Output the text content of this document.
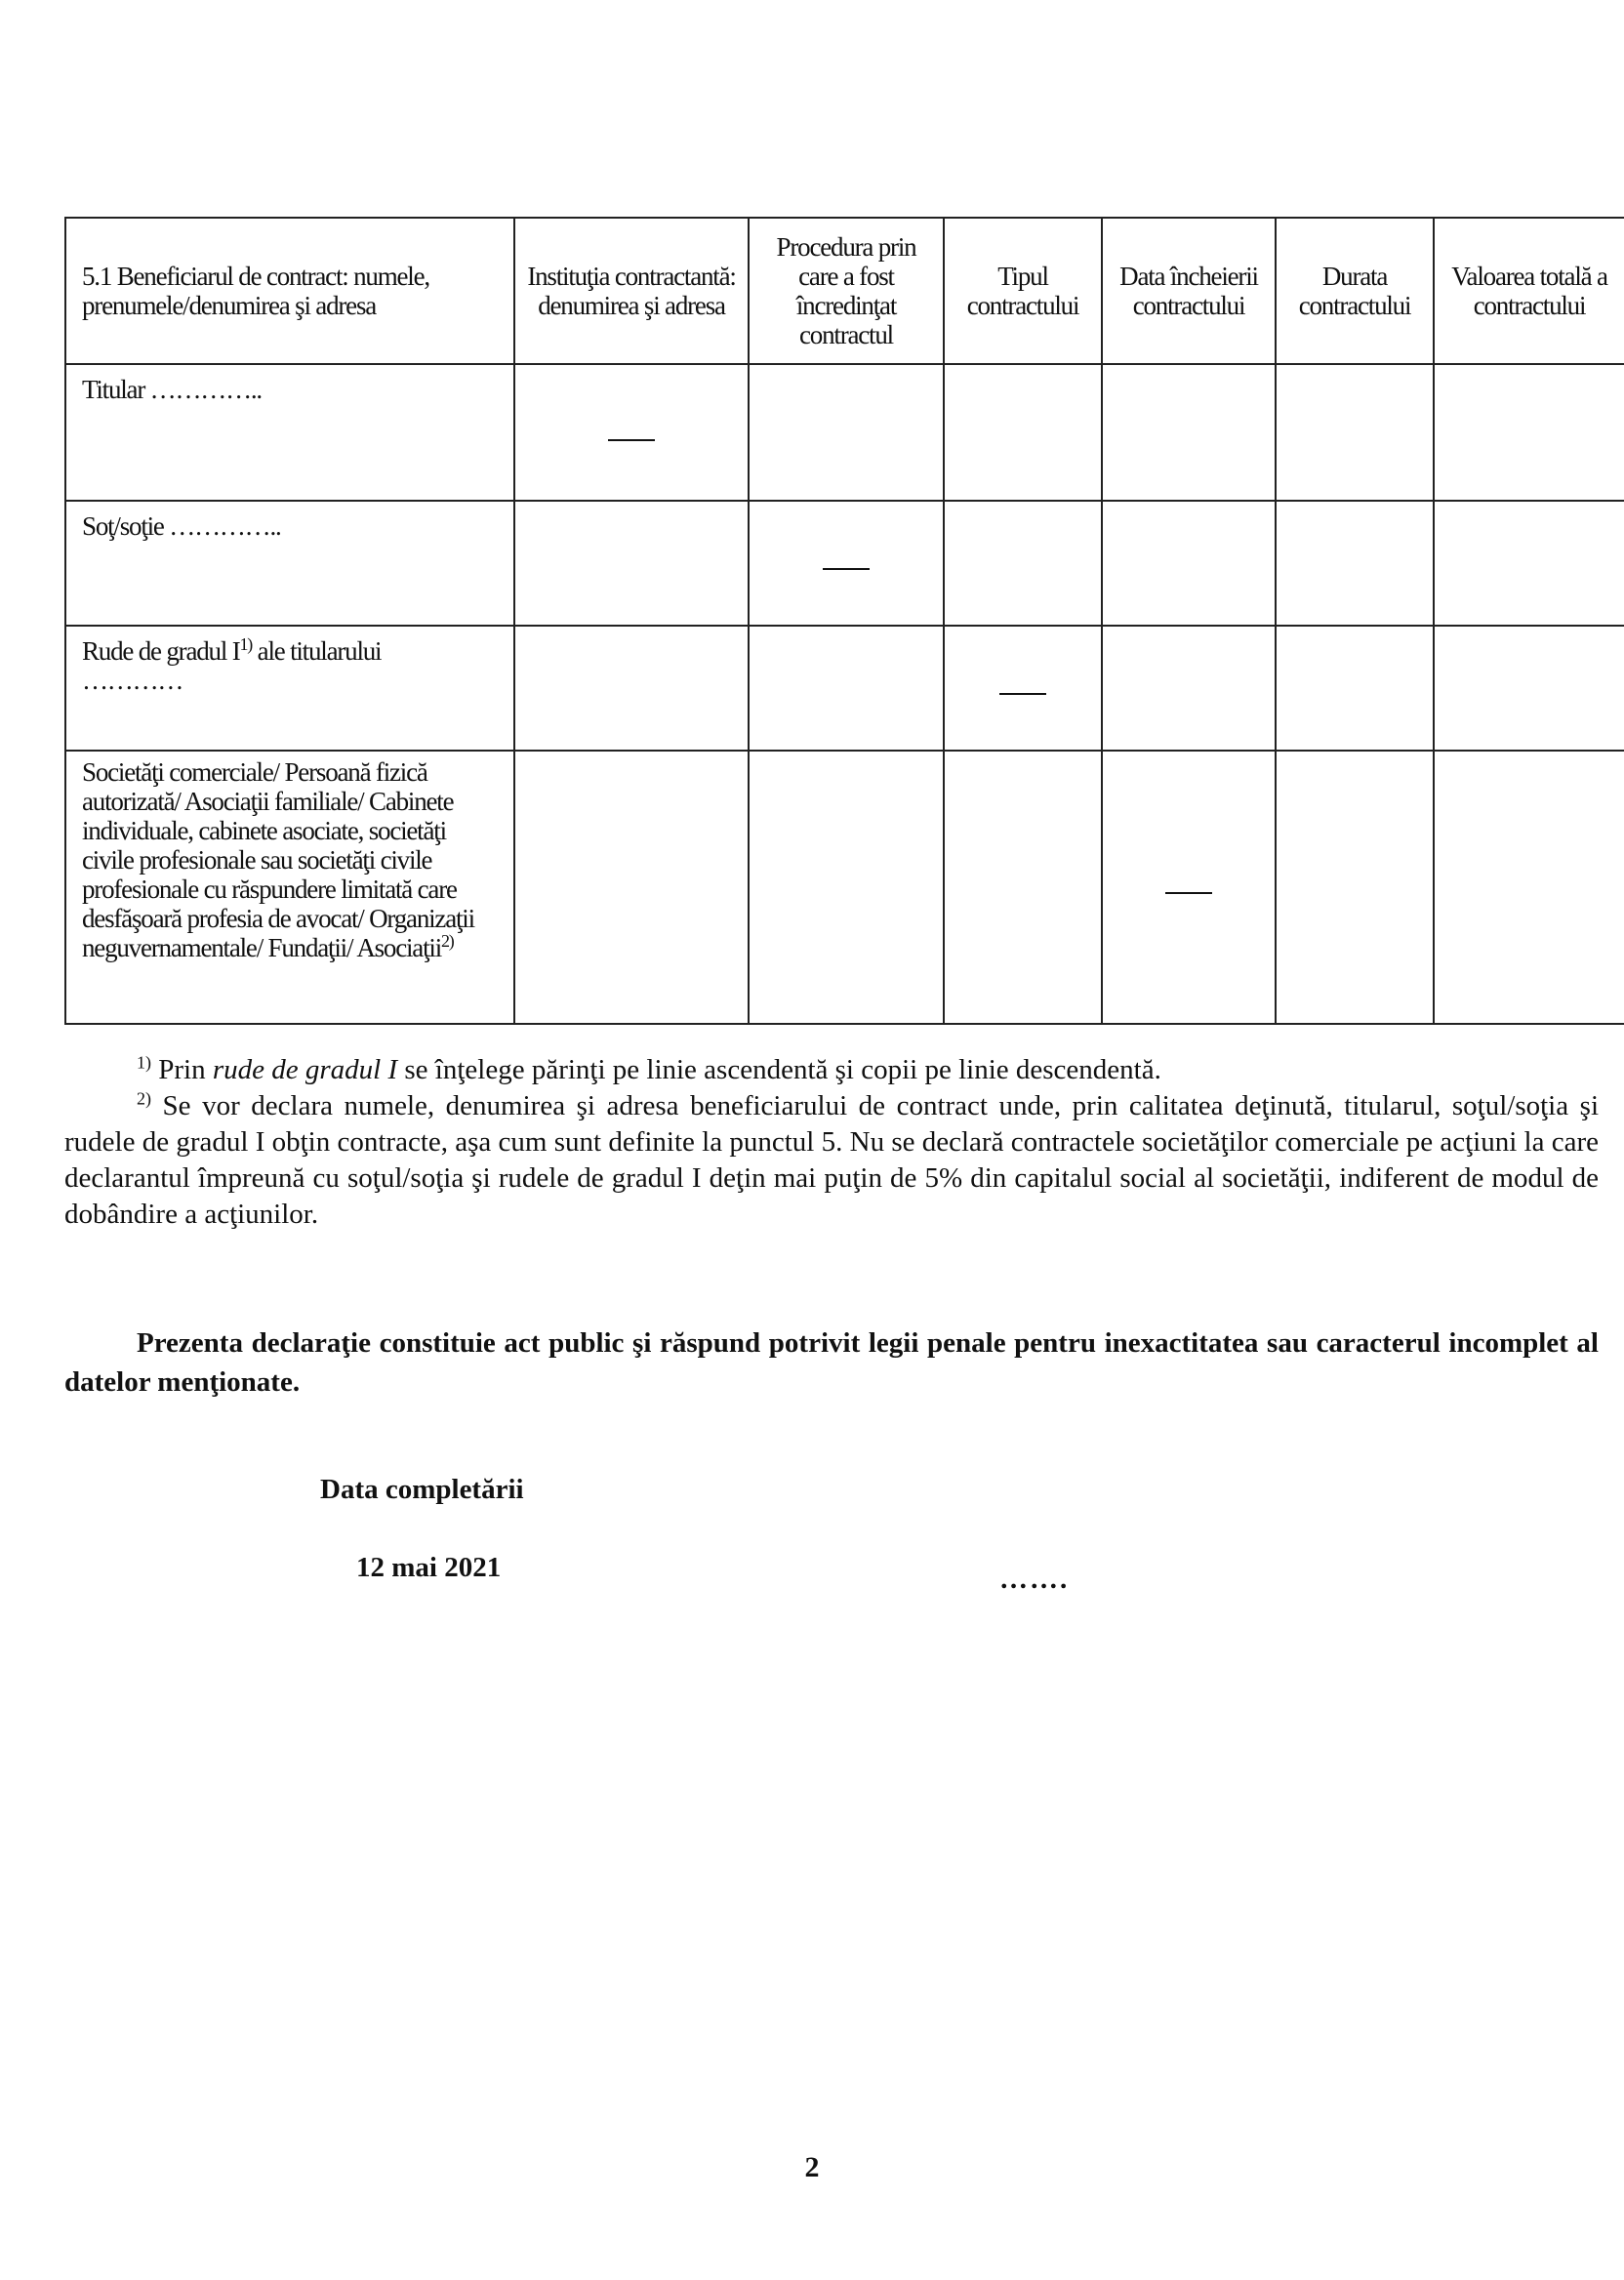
5.1 Beneficiarul de contract: numele, prenumele/denumirea şi adresa	Instituţia contractantă: denumirea şi adresa	Procedura prin care a fost încredinţat contractul	Tipul contractului	Data încheierii contractului	Durata contractului	Valoarea totală a contractului

Titular …………..						

Soţ/soţie …………..						

Rude de gradul $I^{1)}$ ale titularului
…………						

Societăţi comerciale/ Persoană fizică autorizată/ Asociaţii familiale/ Cabinete individuale, cabinete asociate, societăţi civile profesionale sau societăţi civile profesionale cu răspundere limitată care desfăşoară profesia de avocat/ Organizaţii neguvernamentale/ Fundaţii/ Asociaţii$^{2)}$

$^{1)}$ Prin rude de gradul I se înţelege părinţi pe linie ascendentă şi copii pe linie descendentă.

$^{2)}$ Se vor declara numele, denumirea şi adresa beneficiarului de contract unde, prin calitatea deţinută, titularul, soţul/soţia şi rudele de gradul I obţin contracte, aşa cum sunt definite la punctul 5. Nu se declară contractele societăţilor comerciale pe acţiuni la care declarantul împreună cu soţul/soţia şi rudele de gradul I deţin mai puţin de 5% din capitalul social al societăţii, indiferent de modul de dobândire a acţiunilor.

Prezenta declaraţie constituie act public şi răspund potrivit legii penale pentru inexactitatea sau caracterul incomplet al datelor menţionate.
Data completării
12 mai 2021	…….
2
